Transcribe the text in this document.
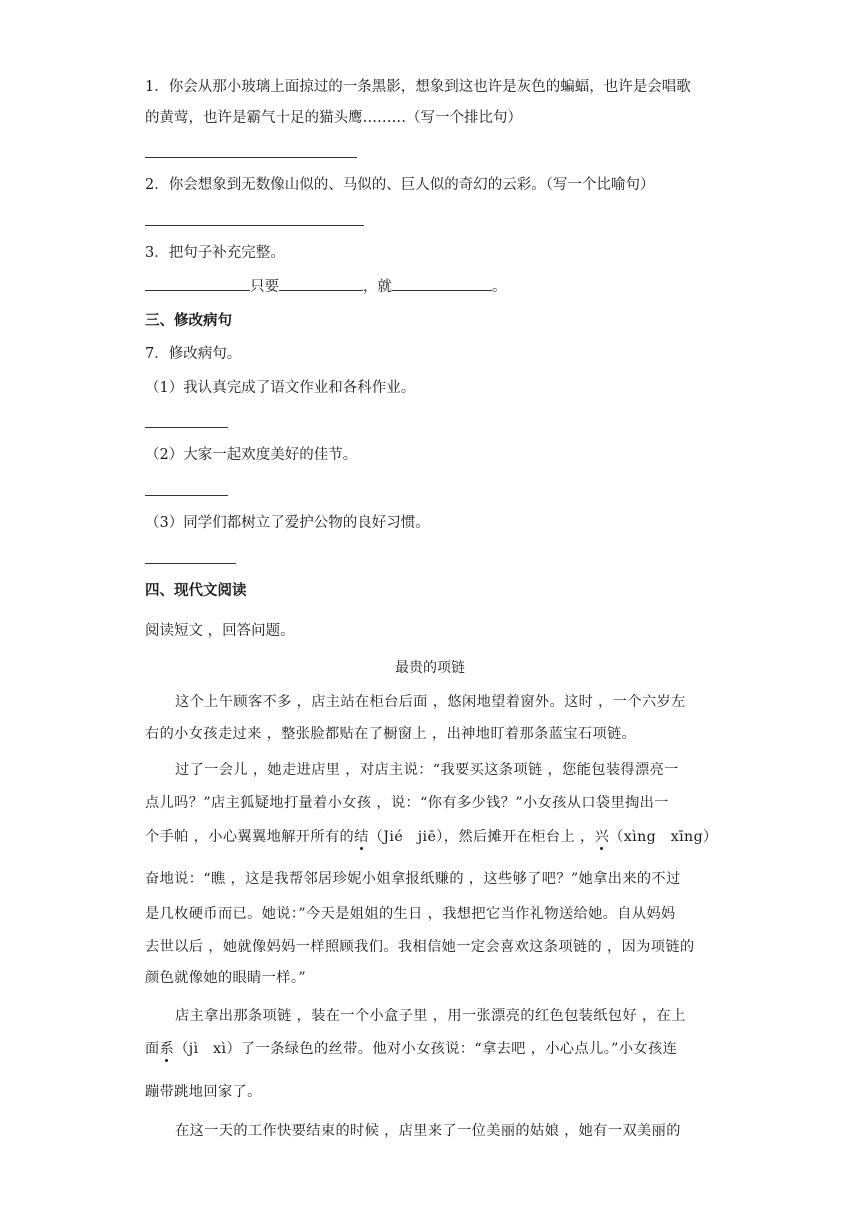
1．你会从那小玻璃上面掠过的一条黑影，想象到这也许是灰色的蝙蝠，也许是会唱歌
的黄莺，也许是霸气十足的猫头鹰………（写一个排比句）
2．你会想象到无数像山似的、马似的、巨人似的奇幻的云彩。（写一个比喻句）
3．把句子补充完整。
只要	，就	。
三、修改病句
7．修改病句。
（1）我认真完成了语文作业和各科作业。
（2）大家一起欢度美好的佳节。
（3）同学们都树立了爱护公物的良好习惯。
四、现代文阅读
阅读短文 ，回答问题。
最贵的项链
这个上午顾客不多 ，店主站在柜台后面 ，悠闲地望着窗外。这时 ，一个六岁左
右的小女孩走过来 ，整张脸都贴在了橱窗上 ，出神地盯着那条蓝宝石项链。
过了一会儿 ，她走进店里 ，对店主说：“我要买这条项链 ，您能包装得漂亮一
点儿吗？”店主狐疑地打量着小女孩 ，说：“你有多少钱？”小女孩从口袋里掏出一
个手帕 ，小心翼翼地解开所有的结（Jié　jiē），然后摊开在柜台上 ，兴（xìng　xīng）
奋地说：“瞧 ，这是我帮邻居珍妮小姐拿报纸赚的 ，这些够了吧？”她拿出来的不过
是几枚硬币而已。她说：”今天是姐姐的生日 ，我想把它当作礼物送给她。自从妈妈
去世以后 ，她就像妈妈一样照顾我们。我相信她一定会喜欢这条项链的 ，因为项链的
颜色就像她的眼睛一样。”
店主拿出那条项链 ，装在一个小盒子里 ，用一张漂亮的红色包装纸包好 ，在上
面系（jì　xì）了一条绿色的丝带。他对小女孩说：“拿去吧 ，小心点儿。”小女孩连
蹦带跳地回家了。
在这一天的工作快要结束的时候 ，店里来了一位美丽的姑娘 ，她有一双美丽的
